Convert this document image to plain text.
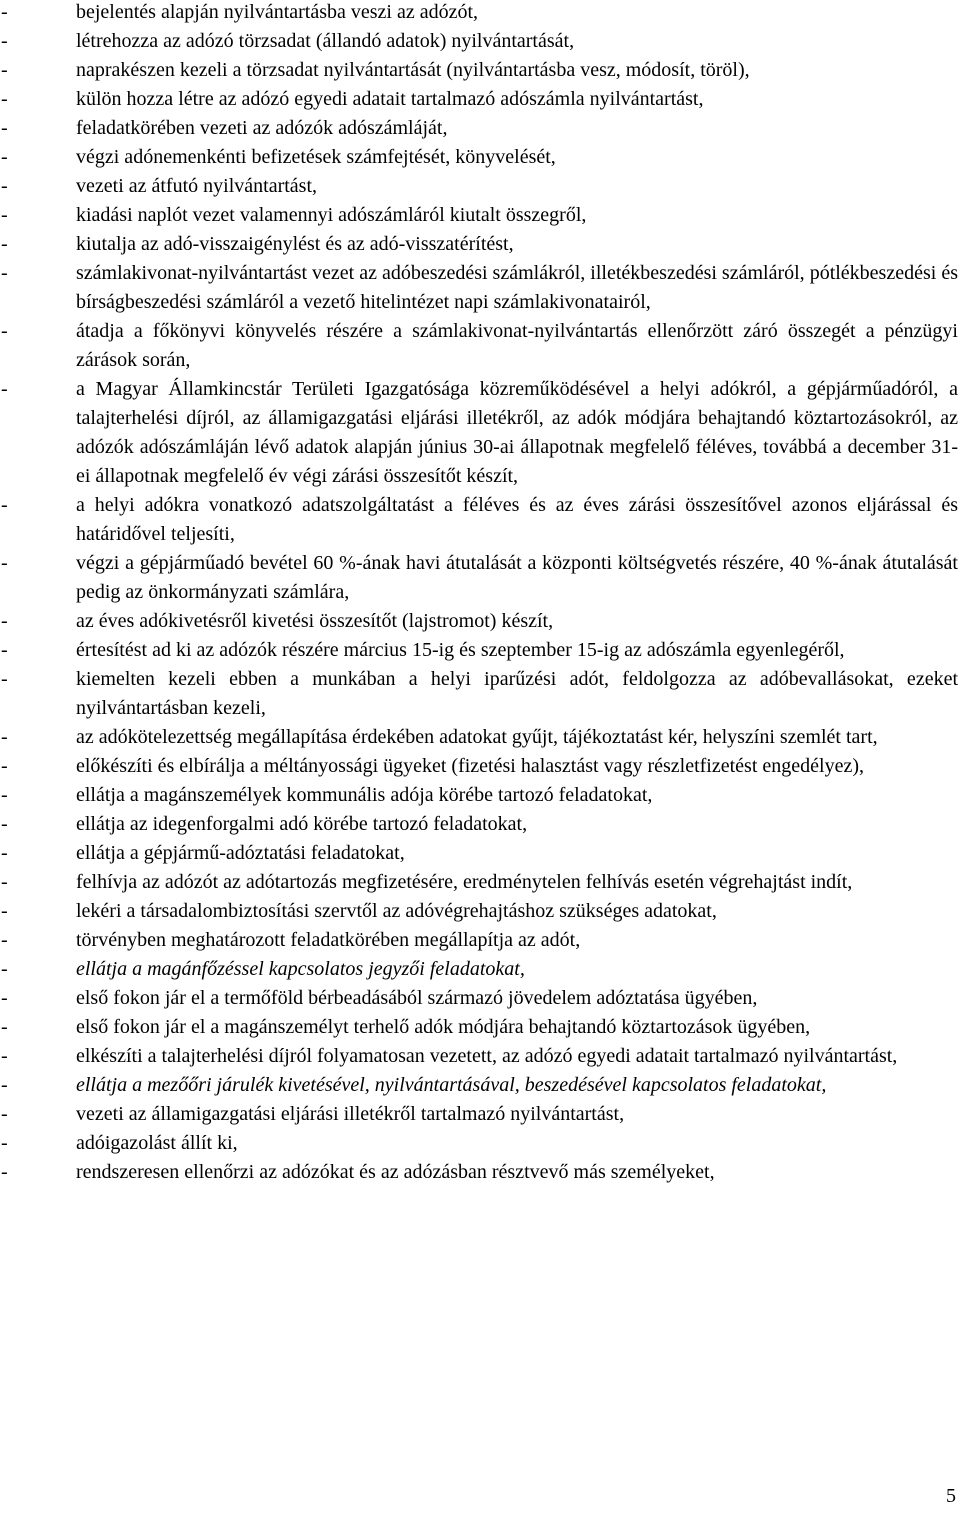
-	bejelentés alapján nyilvántartásba veszi az adózót,
-	létrehozza az adózó törzsadat (állandó adatok) nyilvántartását,
-	naprakészen kezeli a törzsadat nyilvántartását (nyilvántartásba vesz, módosít, töröl),
-	külön hozza létre az adózó egyedi adatait tartalmazó adószámla nyilvántartást,
-	feladatkörében vezeti az adózók adószámláját,
-	végzi adónemenkénti befizetések számfejtését, könyvelését,
-	vezeti az átfutó nyilvántartást,
-	kiadási naplót vezet valamennyi adószámláról kiutalt összegről,
-	kiutalja az adó-visszaigénylést és az adó-visszatérítést,
-	számlakivonat-nyilvántartást vezet az adóbeszedési számlákról, illetékbeszedési számláról, pótlékbeszedési és bírságbeszedési számláról a vezető hitelintézet napi számlakivonatairól,
-	átadja a főkönyvi könyvelés részére a számlakivonat-nyilvántartás ellenőrzött záró összegét a pénzügyi zárások során,
-	a Magyar Államkincstár Területi Igazgatósága közreműködésével a helyi adókról, a gépjárműadóról, a talajterhelési díjról, az államigazgatási eljárási illetékről, az adók módjára behajtandó köztartozásokról, az adózók adószámláján lévő adatok alapján június 30-ai állapotnak megfelelő féléves, továbbá a december 31-ei állapotnak megfelelő év végi zárási összesítőt készít,
-	a helyi adókra vonatkozó adatszolgáltatást a féléves és az éves zárási összesítővel azonos eljárással és határidővel teljesíti,
-	végzi a gépjárműadó bevétel 60 %-ának havi átutalását a központi költségvetés részére, 40 %-ának átutalását pedig az önkormányzati számlára,
-	az éves adókivetésről kivetési összesítőt (lajstromot) készít,
-	értesítést ad ki az adózók részére március 15-ig és szeptember 15-ig az adószámla egyenlegéről,
-	kiemelten kezeli ebben a munkában a helyi iparűzési adót, feldolgozza az adóbevallásokat, ezeket nyilvántartásban kezeli,
-	az adókötelezettség megállapítása érdekében adatokat gyűjt, tájékoztatást kér, helyszíni szemlét tart,
-	előkészíti és elbírálja a méltányossági ügyeket (fizetési halasztást vagy részletfizetést engedélyez),
-	ellátja a magánszemélyek kommunális adója körébe tartozó feladatokat,
-	ellátja az idegenforgalmi adó körébe tartozó feladatokat,
-	ellátja a gépjármű-adóztatási feladatokat,
-	felhívja az adózót az adótartozás megfizetésére, eredménytelen felhívás esetén végrehajtást indít,
-	lekéri a társadalombiztosítási szervtől az adóvégrehajtáshoz szükséges adatokat,
-	törvényben meghatározott feladatkörében megállapítja az adót,
-	ellátja a magánfőzéssel kapcsolatos jegyzői feladatokat,
-	első fokon jár el a termőföld bérbeadásából származó jövedelem adóztatása ügyében,
-	első fokon jár el a magánszemélyt terhelő adók módjára behajtandó köztartozások ügyében,
-	elkészíti a talajterhelési díjról folyamatosan vezetett, az adózó egyedi adatait tartalmazó nyilvántartást,
-	ellátja a mezőőri járulék kivetésével, nyilvántartásával, beszedésével kapcsolatos feladatokat,
-	vezeti az államigazgatási eljárási illetékről tartalmazó nyilvántartást,
-	adóigazolást állít ki,
-	rendszeresen ellenőrzi az adózókat és az adózásban résztvevő más személyeket,
5
